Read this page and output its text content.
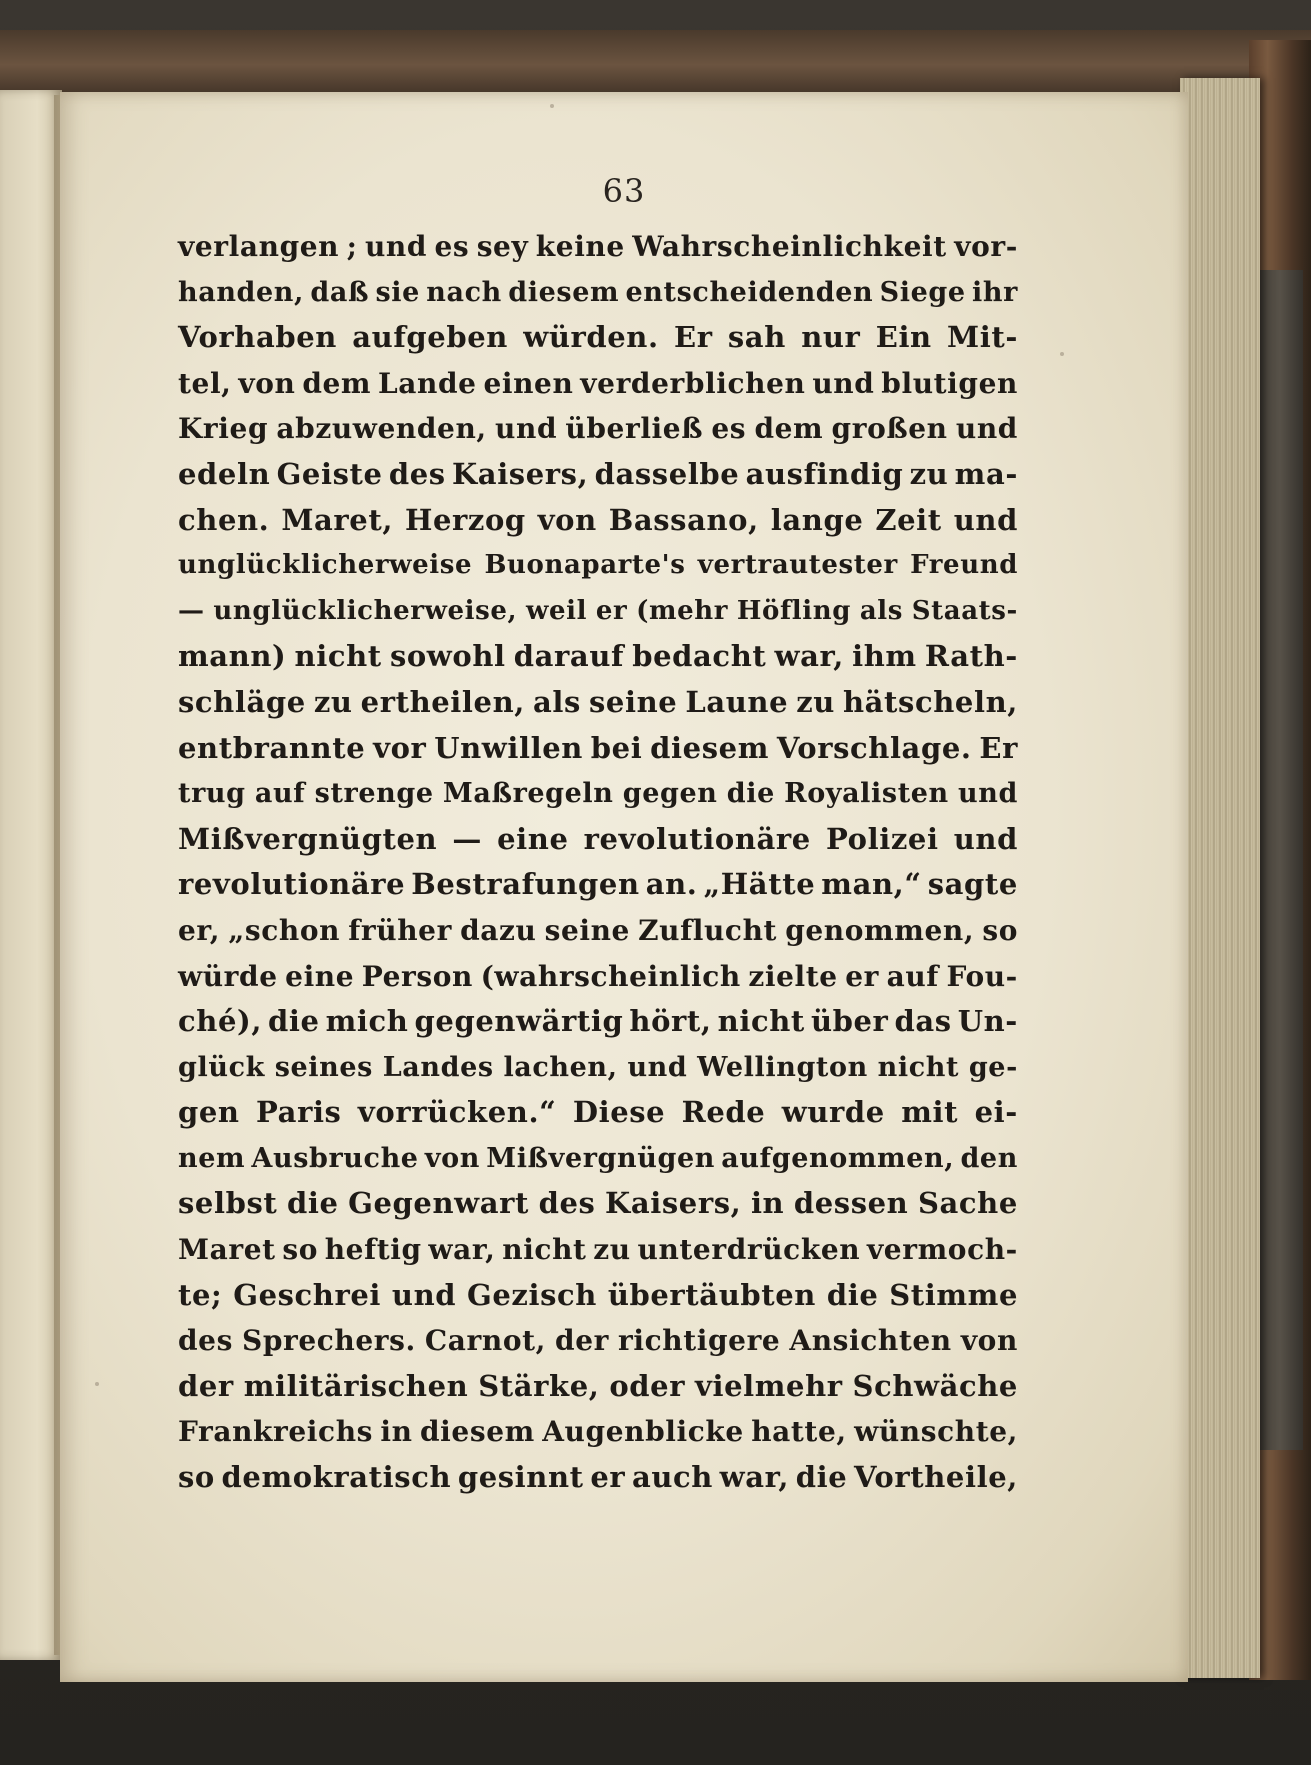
63
verlangen ; und es sey keine Wahrscheinlichkeit vor-
handen, daß sie nach diesem entscheidenden Siege ihr
Vorhaben aufgeben würden. Er sah nur Ein Mit-
tel, von dem Lande einen verderblichen und blutigen
Krieg abzuwenden, und überließ es dem großen und
edeln Geiste des Kaisers, dasselbe ausfindig zu ma-
chen. Maret, Herzog von Bassano, lange Zeit und
unglücklicherweise Buonaparte's vertrautester Freund
— unglücklicherweise, weil er (mehr Höfling als Staats-
mann) nicht sowohl darauf bedacht war, ihm Rath-
schläge zu ertheilen, als seine Laune zu hätscheln,
entbrannte vor Unwillen bei diesem Vorschlage. Er
trug auf strenge Maßregeln gegen die Royalisten und
Mißvergnügten — eine revolutionäre Polizei und
revolutionäre Bestrafungen an. „Hätte man,“ sagte
er, „schon früher dazu seine Zuflucht genommen, so
würde eine Person (wahrscheinlich zielte er auf Fou-
ché), die mich gegenwärtig hört, nicht über das Un-
glück seines Landes lachen, und Wellington nicht ge-
gen Paris vorrücken.“ Diese Rede wurde mit ei-
nem Ausbruche von Mißvergnügen aufgenommen, den
selbst die Gegenwart des Kaisers, in dessen Sache
Maret so heftig war, nicht zu unterdrücken vermoch-
te; Geschrei und Gezisch übertäubten die Stimme
des Sprechers. Carnot, der richtigere Ansichten von
der militärischen Stärke, oder vielmehr Schwäche
Frankreichs in diesem Augenblicke hatte, wünschte,
so demokratisch gesinnt er auch war, die Vortheile,
